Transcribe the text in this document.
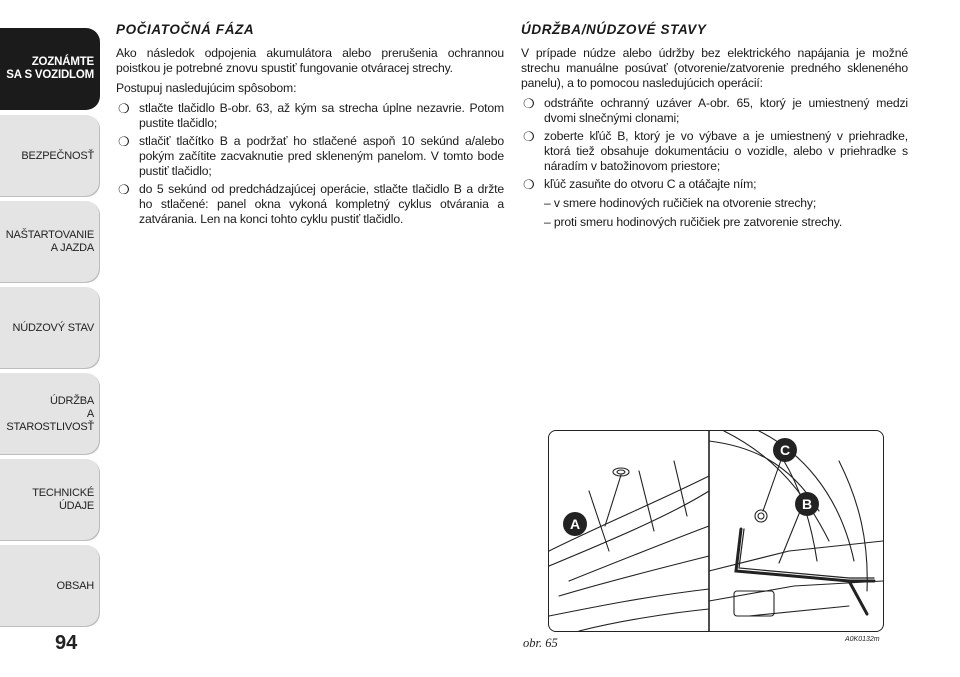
ZOZNÁMTE
SA S VOZIDLOM
BEZPEČNOSŤ
NAŠTARTOVANIE
A JAZDA
NÚDZOVÝ STAV
ÚDRŽBA
A STAROSTLIVOSŤ
TECHNICKÉ
ÚDAJE
OBSAH
94
POČIATOČNÁ FÁZA

Ako následok odpojenia akumulátora alebo prerušenia ochrannou poistkou je potrebné znovu spustiť fungovanie otváracej strechy.

Postupuj nasledujúcim spôsobom:

❍ stlačte tlačidlo B-obr. 63, až kým sa strecha úplne nezavrie. Potom pustite tlačidlo;
❍ stlačiť tlačítko B a podržať ho stlačené aspoň 10 sekúnd a/alebo pokým začítite zacvaknutie pred skleneným panelom. V tomto bode pustiť tlačidlo;
❍ do 5 sekúnd od predchádzajúcej operácie, stlačte tlačidlo B a držte ho stlačené: panel okna vykoná kompletný cyklus otvárania a zatvárania. Len na konci tohto cyklu pustiť tlačidlo.
ÚDRŽBA/NÚDZOVÉ STAVY

V prípade núdze alebo údržby bez elektrického napájania je možné strechu manuálne posúvať (otvorenie/zatvorenie predného skleneného panelu), a to pomocou nasledujúcich operácií:

❍ odstráňte ochranný uzáver A-obr. 65, ktorý je umiestnený medzi dvomi slnečnými clonami;
❍ zoberte kľúč B, ktorý je vo výbave a je umiestnený v priehradke, ktorá tiež obsahuje dokumentáciu o vozidle, alebo v priehradke s náradím v batožinovom priestore;
❍ kľúč zasuňte do otvoru C a otáčajte ním;

– v smere hodinových ručičiek na otvorenie strechy;

– proti smeru hodinových ručičiek pre zatvorenie strechy.

A
C
B
obr. 65	A0K0132m
